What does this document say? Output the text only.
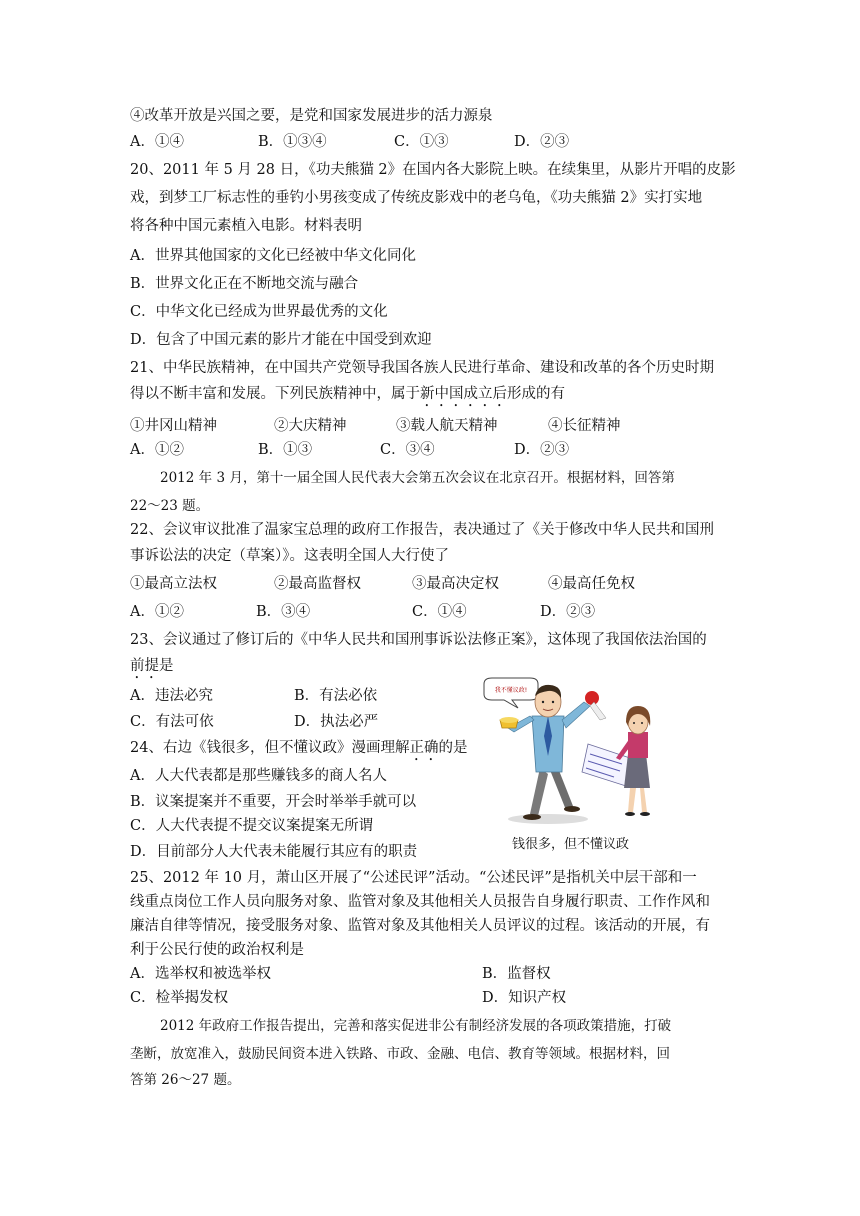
④改革开放是兴国之要，是党和国家发展进步的活力源泉
A．①④	B．①③④	C．①③	D．②③
20、2011 年 5 月 28 日，《功夫熊猫 2》在国内各大影院上映。在续集里，从影片开唱的皮影
戏，到梦工厂标志性的垂钓小男孩变成了传统皮影戏中的老乌龟，《功夫熊猫 2》实打实地
将各种中国元素植入电影。材料表明
A．世界其他国家的文化已经被中华文化同化
B．世界文化正在不断地交流与融合
C．中华文化已经成为世界最优秀的文化
D．包含了中国元素的影片才能在中国受到欢迎
21、中华民族精神，在中国共产党领导我国各族人民进行革命、建设和改革的各个历史时期
得以不断丰富和发展。下列民族精神中，属于新中国成立后形成的有
①井冈山精神	②大庆精神	③载人航天精神	④长征精神
A．①②	B．①③	C．③④	D．②③
2012 年 3 月，第十一届全国人民代表大会第五次会议在北京召开。根据材料，回答第
22～23 题。
22、会议审议批准了温家宝总理的政府工作报告，表决通过了《关于修改中华人民共和国刑
事诉讼法的决定（草案）》。这表明全国人大行使了
①最高立法权	②最高监督权	③最高决定权	④最高任免权
A．①②	B．③④	C．①④	D．②③
23、会议通过了修订后的《中华人民共和国刑事诉讼法修正案》，这体现了我国依法治国的
前提是
A．违法必究	B．有法必依
C．有法可依	D．执法必严
24、右边《钱很多，但不懂议政》漫画理解正确的是
A．人大代表都是那些赚钱多的商人名人
B．议案提案并不重要，开会时举举手就可以
C．人大代表提不提交议案提案无所谓
D．目前部分人大代表未能履行其应有的职责
我不懂议政!
钱很多，但不懂议政
25、2012 年 10 月，萧山区开展了“公述民评”活动。“公述民评”是指机关中层干部和一
线重点岗位工作人员向服务对象、监管对象及其他相关人员报告自身履行职责、工作作风和
廉洁自律等情况，接受服务对象、监管对象及其他相关人员评议的过程。该活动的开展，有
利于公民行使的政治权利是
A．选举权和被选举权	B．监督权
C．检举揭发权	D．知识产权
2012 年政府工作报告提出，完善和落实促进非公有制经济发展的各项政策措施，打破
垄断，放宽准入，鼓励民间资本进入铁路、市政、金融、电信、教育等领域。根据材料，回
答第 26～27 题。
